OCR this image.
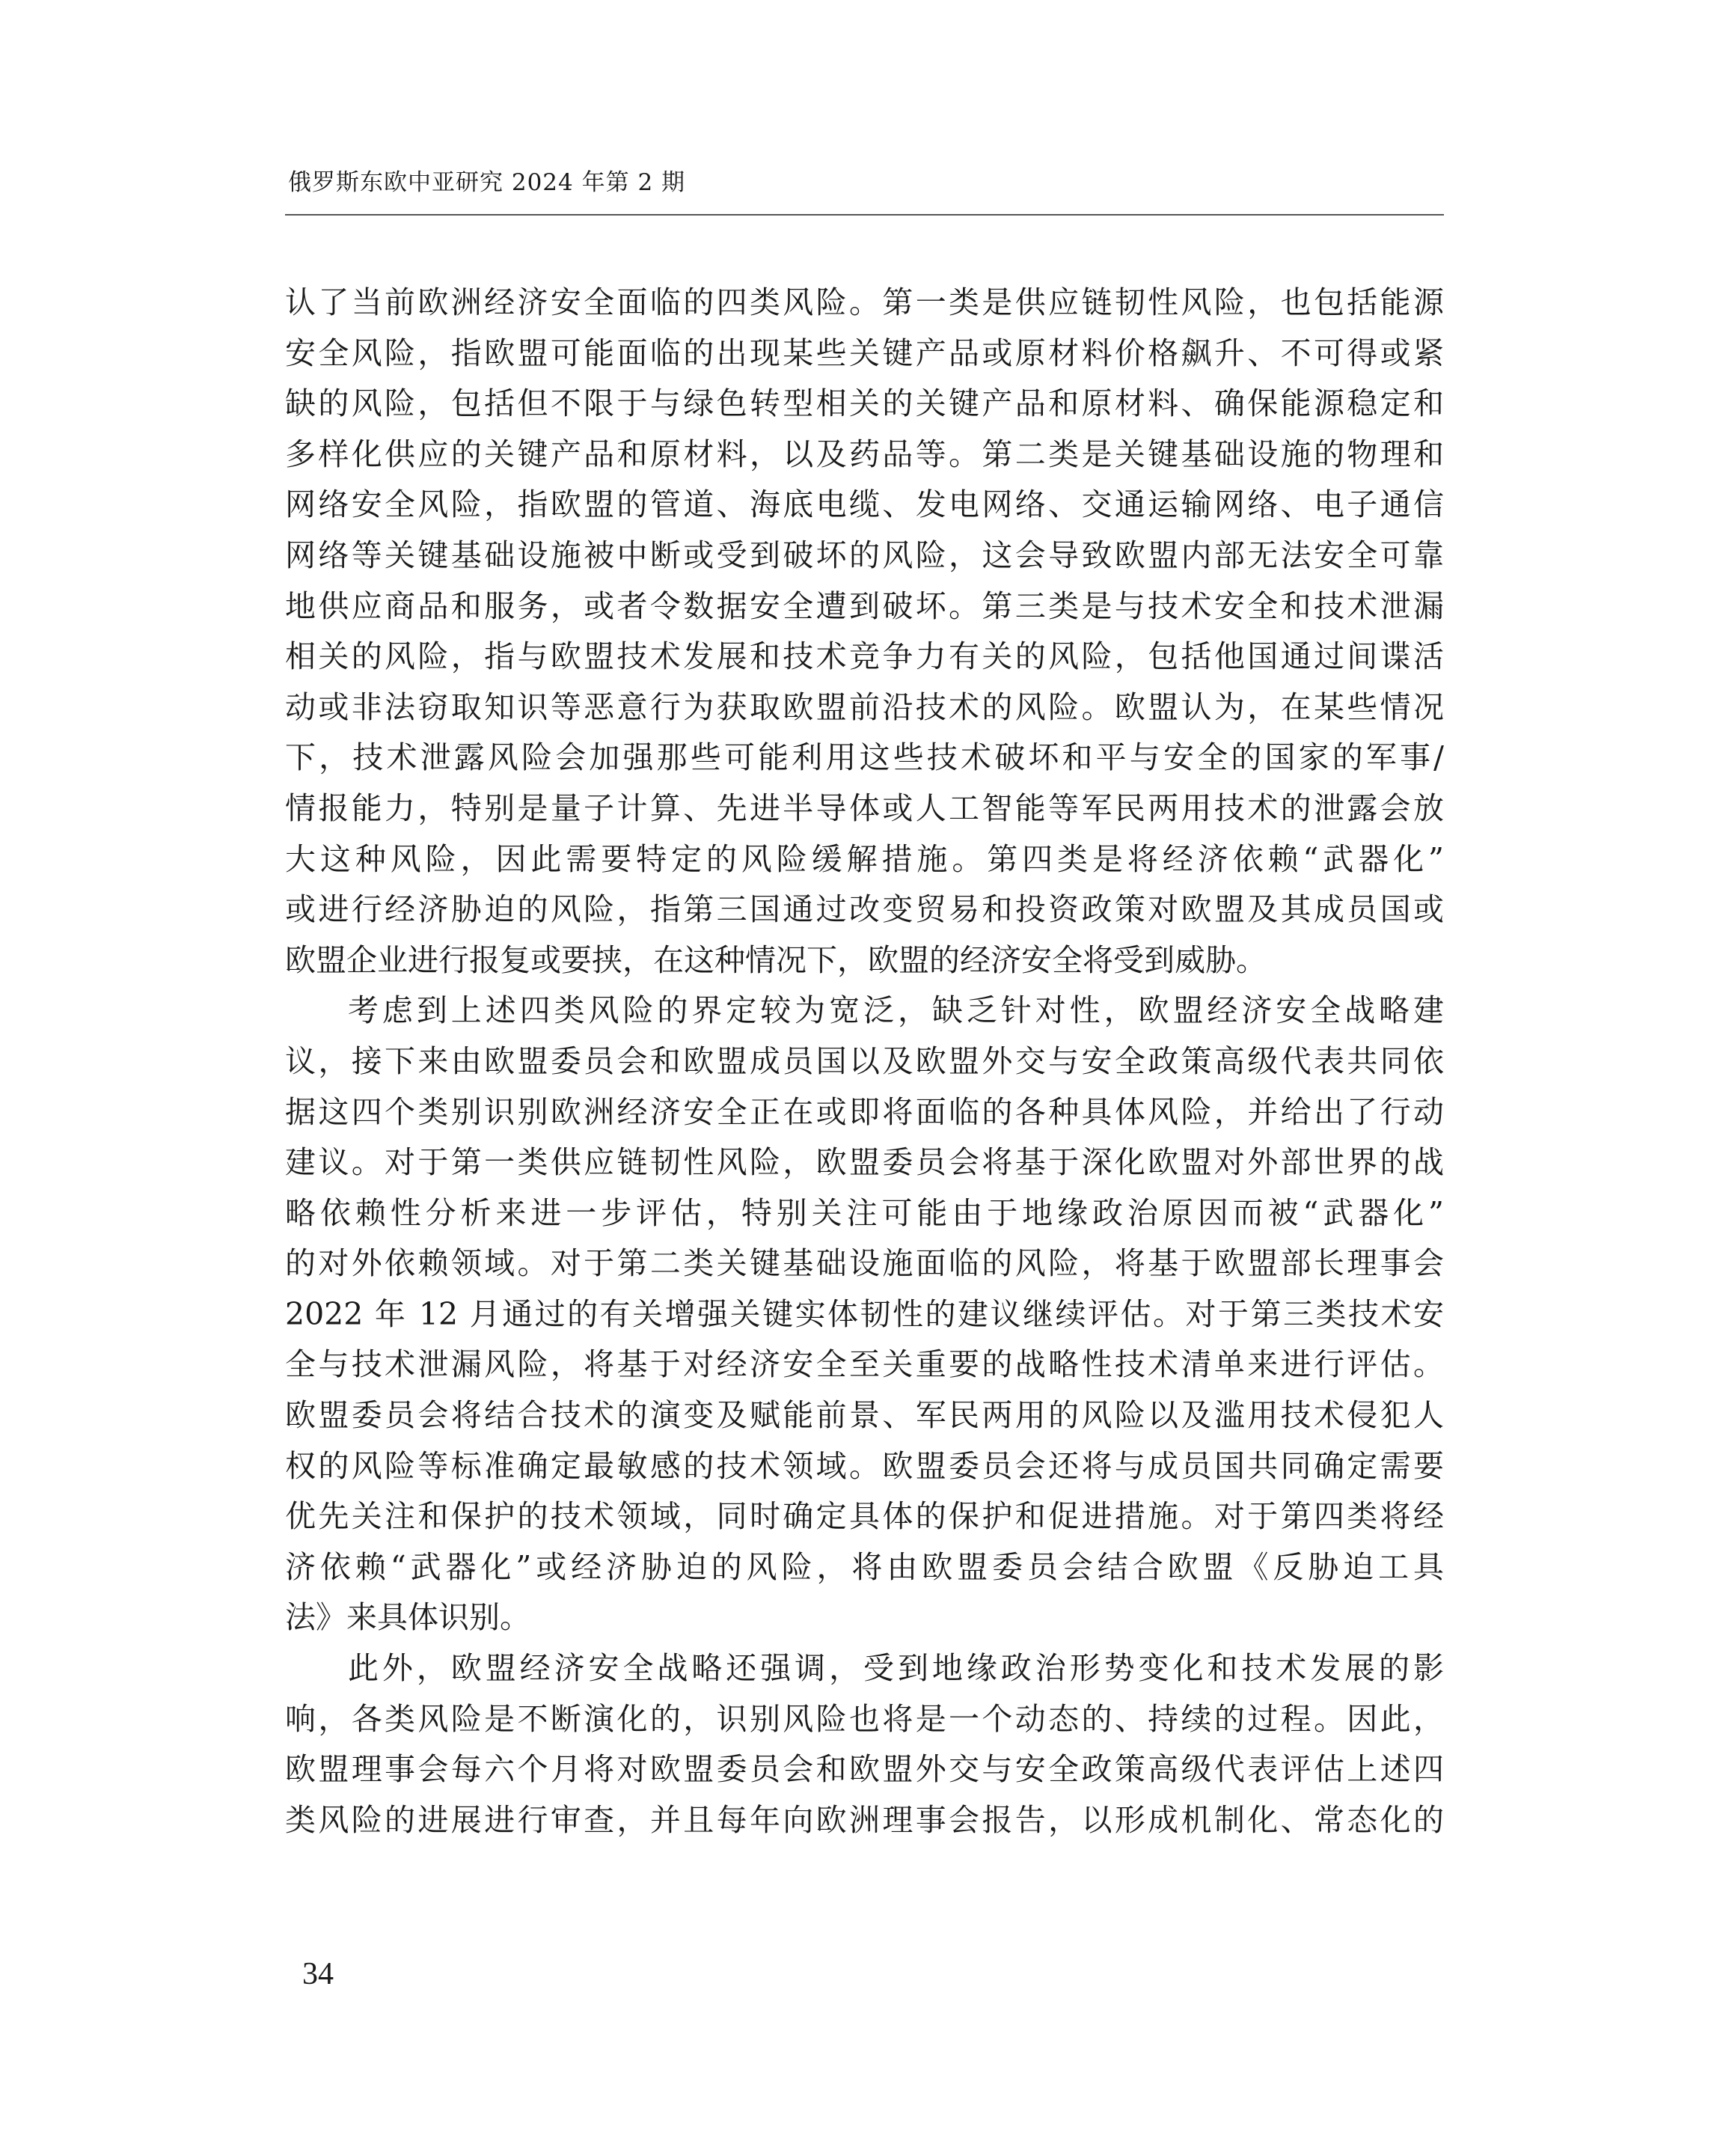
俄罗斯东欧中亚研究 2024 年第 2 期
认了当前欧洲经济安全面临的四类风险。第一类是供应链韧性风险，也包括能源
安全风险，指欧盟可能面临的出现某些关键产品或原材料价格飙升、不可得或紧
缺的风险，包括但不限于与绿色转型相关的关键产品和原材料、确保能源稳定和
多样化供应的关键产品和原材料，以及药品等。第二类是关键基础设施的物理和
网络安全风险，指欧盟的管道、海底电缆、发电网络、交通运输网络、电子通信
网络等关键基础设施被中断或受到破坏的风险，这会导致欧盟内部无法安全可靠
地供应商品和服务，或者令数据安全遭到破坏。第三类是与技术安全和技术泄漏
相关的风险，指与欧盟技术发展和技术竞争力有关的风险，包括他国通过间谍活
动或非法窃取知识等恶意行为获取欧盟前沿技术的风险。欧盟认为，在某些情况
下，技术泄露风险会加强那些可能利用这些技术破坏和平与安全的国家的军事/
情报能力，特别是量子计算、先进半导体或人工智能等军民两用技术的泄露会放
大这种风险，因此需要特定的风险缓解措施。第四类是将经济依赖“武器化”
或进行经济胁迫的风险，指第三国通过改变贸易和投资政策对欧盟及其成员国或
欧盟企业进行报复或要挟，在这种情况下，欧盟的经济安全将受到威胁。
考虑到上述四类风险的界定较为宽泛，缺乏针对性，欧盟经济安全战略建
议，接下来由欧盟委员会和欧盟成员国以及欧盟外交与安全政策高级代表共同依
据这四个类别识别欧洲经济安全正在或即将面临的各种具体风险，并给出了行动
建议。对于第一类供应链韧性风险，欧盟委员会将基于深化欧盟对外部世界的战
略依赖性分析来进一步评估，特别关注可能由于地缘政治原因而被“武器化”
的对外依赖领域。对于第二类关键基础设施面临的风险，将基于欧盟部长理事会
2022 年 12 月通过的有关增强关键实体韧性的建议继续评估。对于第三类技术安
全与技术泄漏风险，将基于对经济安全至关重要的战略性技术清单来进行评估。
欧盟委员会将结合技术的演变及赋能前景、军民两用的风险以及滥用技术侵犯人
权的风险等标准确定最敏感的技术领域。欧盟委员会还将与成员国共同确定需要
优先关注和保护的技术领域，同时确定具体的保护和促进措施。对于第四类将经
济依赖“武器化”或经济胁迫的风险，将由欧盟委员会结合欧盟《反胁迫工具
法》来具体识别。
此外，欧盟经济安全战略还强调，受到地缘政治形势变化和技术发展的影
响，各类风险是不断演化的，识别风险也将是一个动态的、持续的过程。因此，
欧盟理事会每六个月将对欧盟委员会和欧盟外交与安全政策高级代表评估上述四
类风险的进展进行审查，并且每年向欧洲理事会报告，以形成机制化、常态化的
34
